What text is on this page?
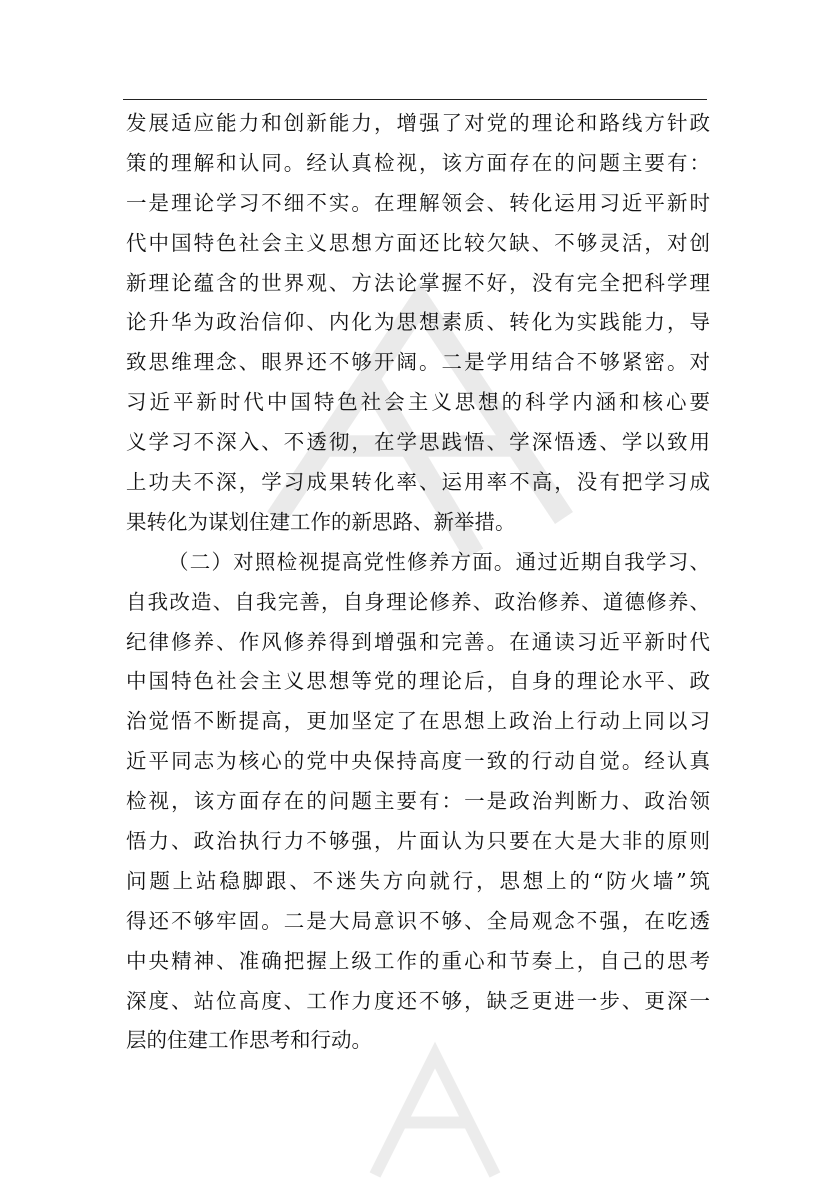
发展适应能力和创新能力，增强了对党的理论和路线方针政
策的理解和认同。经认真检视，该方面存在的问题主要有：
一是理论学习不细不实。在理解领会、转化运用习近平新时
代中国特色社会主义思想方面还比较欠缺、不够灵活，对创
新理论蕴含的世界观、方法论掌握不好，没有完全把科学理
论升华为政治信仰、内化为思想素质、转化为实践能力，导
致思维理念、眼界还不够开阔。二是学用结合不够紧密。对
习近平新时代中国特色社会主义思想的科学内涵和核心要
义学习不深入、不透彻，在学思践悟、学深悟透、学以致用
上功夫不深，学习成果转化率、运用率不高，没有把学习成
果转化为谋划住建工作的新思路、新举措。
（二）对照检视提高党性修养方面。通过近期自我学习、
自我改造、自我完善，自身理论修养、政治修养、道德修养、
纪律修养、作风修养得到增强和完善。在通读习近平新时代
中国特色社会主义思想等党的理论后，自身的理论水平、政
治觉悟不断提高，更加坚定了在思想上政治上行动上同以习
近平同志为核心的党中央保持高度一致的行动自觉。经认真
检视，该方面存在的问题主要有：一是政治判断力、政治领
悟力、政治执行力不够强，片面认为只要在大是大非的原则
问题上站稳脚跟、不迷失方向就行，思想上的“防火墙”筑
得还不够牢固。二是大局意识不够、全局观念不强，在吃透
中央精神、准确把握上级工作的重心和节奏上，自己的思考
深度、站位高度、工作力度还不够，缺乏更进一步、更深一
层的住建工作思考和行动。
